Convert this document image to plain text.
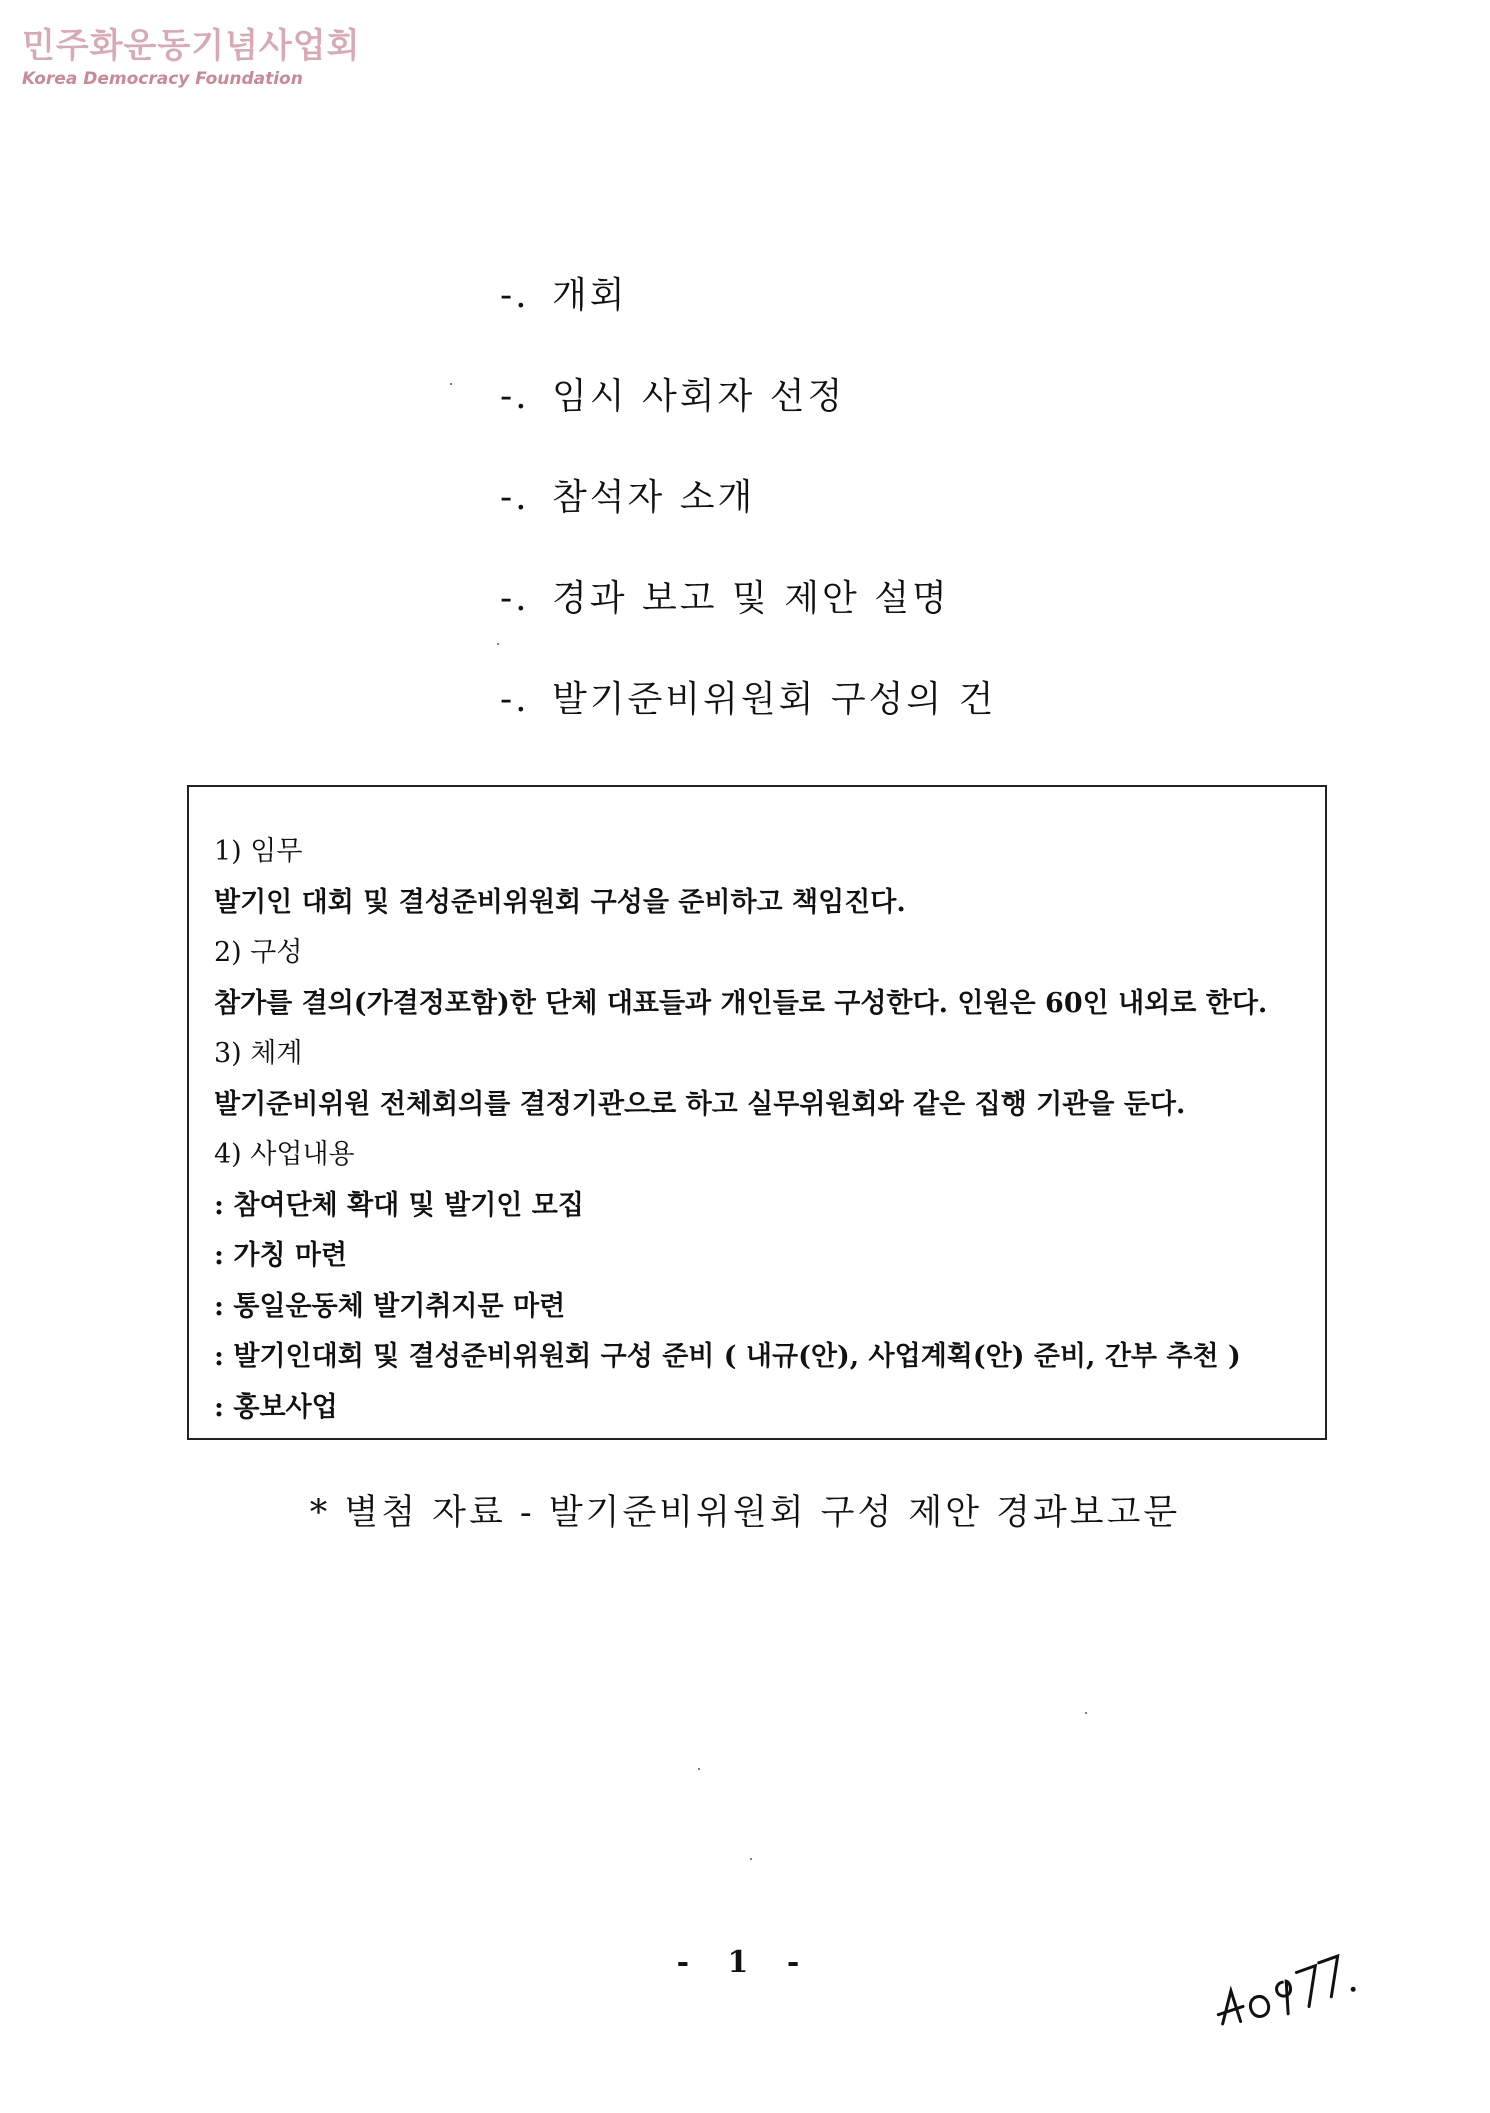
민주화운동기념사업회
Korea Democracy Foundation
-. 개회
-. 임시 사회자 선정
-. 참석자 소개
-. 경과 보고 및 제안 설명
-. 발기준비위원회 구성의 건
1) 임무
발기인 대회 및 결성준비위원회 구성을 준비하고 책임진다.
2) 구성
참가를 결의(가결정포함)한 단체 대표들과 개인들로 구성한다. 인원은 60인 내외로 한다.
3) 체계
발기준비위원 전체회의를 결정기관으로 하고 실무위원회와 같은 집행 기관을 둔다.
4) 사업내용
: 참여단체 확대 및 발기인 모집
: 가칭 마련
: 통일운동체 발기취지문 마련
: 발기인대회 및 결성준비위원회 구성 준비 ( 내규(안), 사업계획(안) 준비, 간부 추천 )
: 홍보사업
* 별첨 자료 - 발기준비위원회 구성 제안 경과보고문
- 1 -
